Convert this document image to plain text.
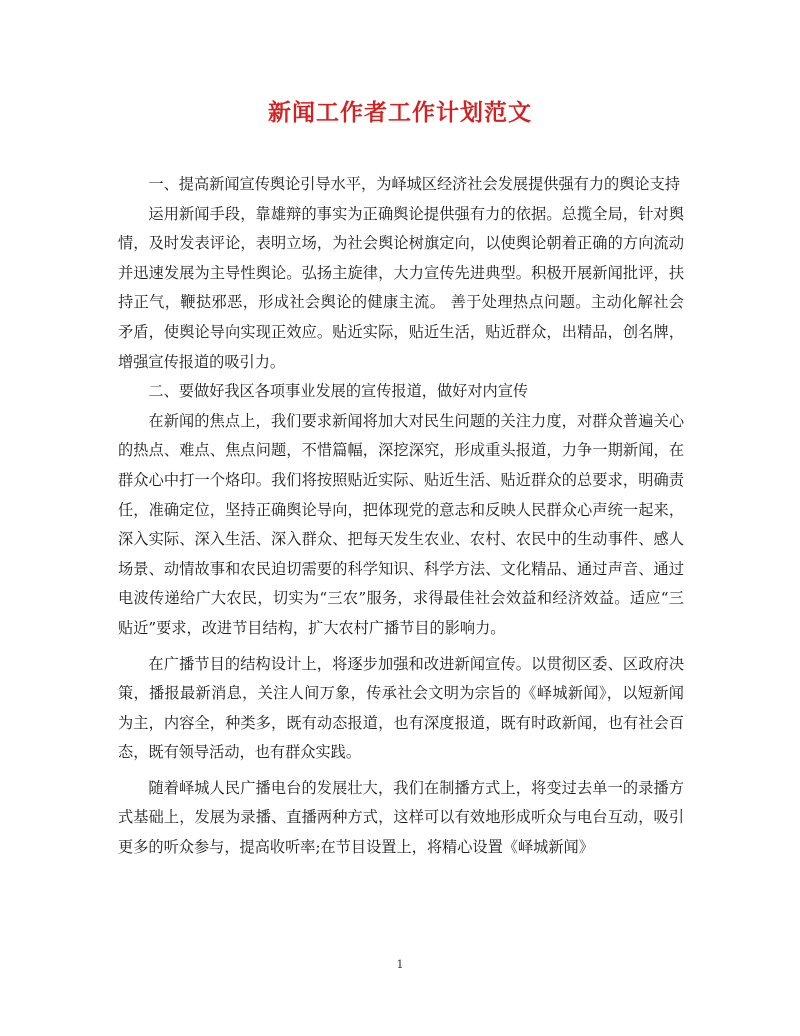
新闻工作者工作计划范文

一、提高新闻宣传舆论引导水平，为峄城区经济社会发展提供强有力的舆论支持

运用新闻手段，靠雄辩的事实为正确舆论提供强有力的依据。总揽全局，针对舆情，及时发表评论，表明立场，为社会舆论树旗定向，以使舆论朝着正确的方向流动并迅速发展为主导性舆论。弘扬主旋律，大力宣传先进典型。积极开展新闻批评，扶持正气，鞭挞邪恶，形成社会舆论的健康主流。 善于处理热点问题。主动化解社会矛盾，使舆论导向实现正效应。贴近实际，贴近生活，贴近群众，出精品，创名牌，增强宣传报道的吸引力。

二、要做好我区各项事业发展的宣传报道，做好对内宣传

在新闻的焦点上，我们要求新闻将加大对民生问题的关注力度，对群众普遍关心的热点、难点、焦点问题，不惜篇幅，深挖深究，形成重头报道，力争一期新闻，在群众心中打一个烙印。我们将按照贴近实际、贴近生活、贴近群众的总要求，明确责任，准确定位，坚持正确舆论导向，把体现党的意志和反映人民群众心声统一起来，深入实际、深入生活、深入群众、把每天发生农业、农村、农民中的生动事件、感人场景、动情故事和农民迫切需要的科学知识、科学方法、文化精品、通过声音、通过电波传递给广大农民，切实为“三农”服务，求得最佳社会效益和经济效益。适应“三贴近”要求，改进节目结构，扩大农村广播节目的影响力。

在广播节目的结构设计上，将逐步加强和改进新闻宣传。以贯彻区委、区政府决策，播报最新消息，关注人间万象，传承社会文明为宗旨的《峄城新闻》，以短新闻为主，内容全，种类多，既有动态报道，也有深度报道，既有时政新闻，也有社会百态，既有领导活动，也有群众实践。

随着峄城人民广播电台的发展壮大，我们在制播方式上，将变过去单一的录播方式基础上，发展为录播、直播两种方式，这样可以有效地形成听众与电台互动，吸引更多的听众参与，提高收听率;在节目设置上，将精心设置《峄城新闻》

1
